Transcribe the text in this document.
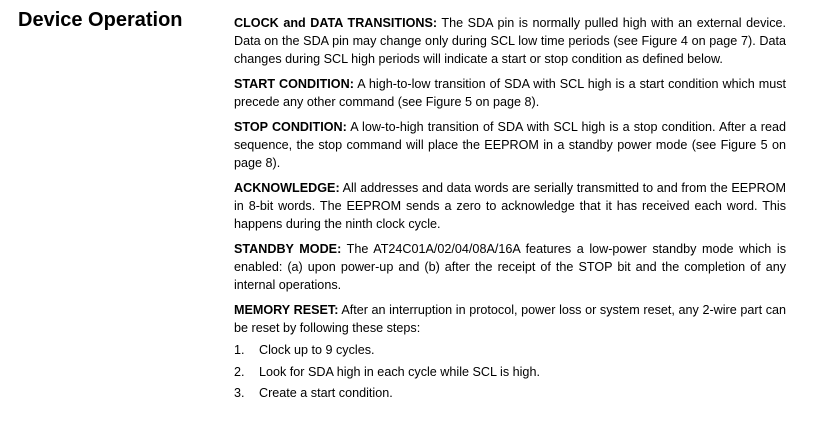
Device Operation	CLOCK and DATA TRANSITIONS: The SDA pin is normally pulled high with an external device. Data on the SDA pin may change only during SCL low time periods (see Figure 4 on page 7). Data changes during SCL high periods will indicate a start or stop condition as defined below.

START CONDITION: A high-to-low transition of SDA with SCL high is a start condition which must precede any other command (see Figure 5 on page 8).

STOP CONDITION: A low-to-high transition of SDA with SCL high is a stop condition. After a read sequence, the stop command will place the EEPROM in a standby power mode (see Figure 5 on page 8).

ACKNOWLEDGE: All addresses and data words are serially transmitted to and from the EEPROM in 8-bit words. The EEPROM sends a zero to acknowledge that it has received each word. This happens during the ninth clock cycle.

STANDBY MODE: The AT24C01A/02/04/08A/16A features a low-power standby mode which is enabled: (a) upon power-up and (b) after the receipt of the STOP bit and the completion of any internal operations.

MEMORY RESET: After an interruption in protocol, power loss or system reset, any 2-wire part can be reset by following these steps:

1. Clock up to 9 cycles.
2. Look for SDA high in each cycle while SCL is high.
3. Create a start condition.
